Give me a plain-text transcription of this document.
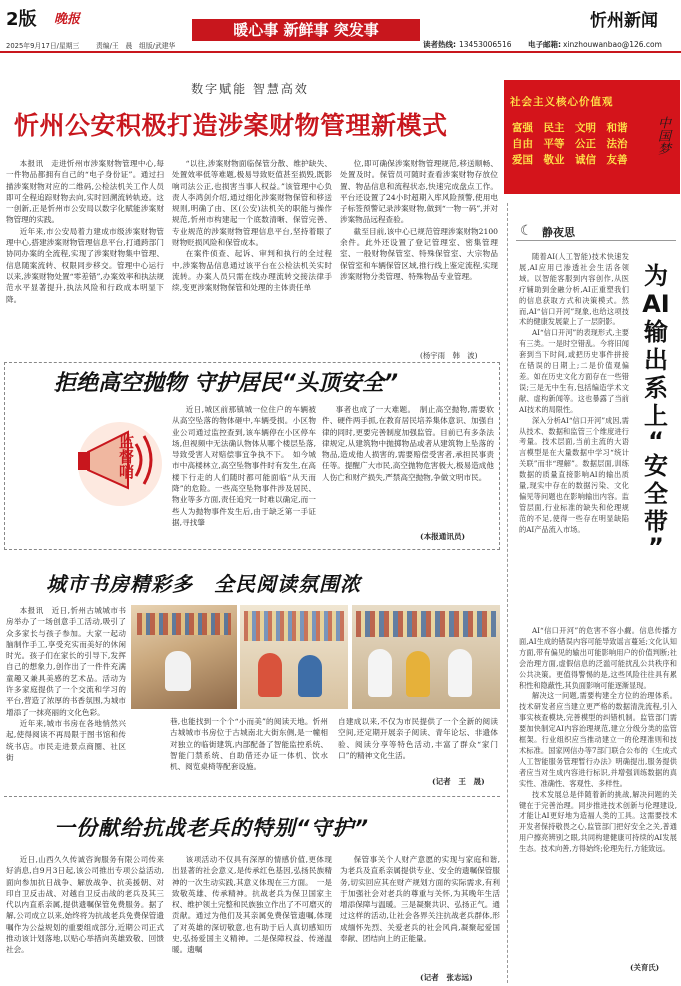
2版 晚报
暖心事 新鲜事 突发事	忻州新闻
2025年9月17日/星期三 责编/王　晨　组版/武建华	读者热线: 13453006516 电子邮箱: xinzhouwanbao@126.com
数字赋能 智慧高效
忻州公安积极打造涉案财物管理新模式

本报讯　走进忻州市涉案财物管理中心,每一件物品都拥有自己的“电子身份证”。通过扫描涉案财物对应的二维码,公检法机关工作人员即可全程追踪财物去向,实时回溯流转轨迹。这一创新,正是忻州市公安局以数字化赋能涉案财物管理的实践。

近年来,市公安局着力建成市级涉案财物管理中心,搭建涉案财物管理信息平台,打通跨部门协同办案的全流程,实现了涉案财物集中管理、信息随案流转、权限同步移交。管理中心运行以来,涉案财物处置“零差错”,办案效率和执法规范水平显著提升,执法风险和行政成本明显下降。

“以往,涉案财物面临保管分散、维护缺失、处置效率低等难题,极易导致贬值甚至损毁,既影响司法公正,也损害当事人权益。”该管理中心负责人李鸿剑介绍,通过细化涉案财物保管和移送规则,明确了由、区(公安)法机关的职能与操作规范,忻州市构建起一个底数清晰、保管完善、专业规范的涉案财物管理信息平台,坚持着眼了财物贬损风险和保管成本。

在案件侦查、起诉、审判和执行的全过程中,涉案物品信息通过该平台在公检法机关实时流转。办案人员只需在线办理流转交接法律手续,变更涉案财物保管和处理的主体责任单

位,即可确保涉案财物管理规范,移送顺畅、处置及时。保管员可随时查看涉案财物存放位置、物品信息和流程状态,快速完成盘点工作。平台还设置了24小时超期入库风险预警,使用电子标签预警记录涉案财物,做到“一物一码”,并对涉案物品远程查验。

截至目前,该中心已规范管理涉案财物2100余件。此外还设置了登记管理室、密集管理室、一般财物保管室、特殊保管室、大宗物品保管室和车辆保管区域,推行线上鉴定流程,实现涉案财物分类管理、特殊物品专业管理。

(杨宇雨　韩　波)
社会主义核心价值观
富强　民主　文明　和谐
自由　平等　公正　法治
爱国　敬业　诚信　友善
中国梦
☾ 静夜思

随着AI(人工智能)技术快速发展,AI应用已渗透社会生活各领域。以智能客服到内容创作,从医疗辅助到金融分析,AI正重塑我们的信息获取方式和决策模式。然而,AI“信口开河”现象,也给这项技术的健康发展蒙上了一层阴影。

AI“信口开河”的表现形式,主要有三类。一是时空错乱。今将旧闻套到当下时间,或把历史事件拼接在错误的日期上;二是价值观偏差。如在历史文化方面存在一些错误;三是无中生有,包括编造学术文献、虚构新闻等。这也暴露了当前AI技术的局限性。

深入分析AI“信口开河”成因,需从技术、数据和监管三个维度进行考量。技术层面,当前主流的大语言模型是在大量数据中学习“统计关联”而非“理解”。数据层面,训练数据的质量直接影响AI的输出质量,现实中存在的数据污染、文化偏见等问题也在影响输出内容。监管层面,行业标准的缺失和伦理规范的不足,使得一些存在明显缺陷的AI产品流入市场。

AI“信口开河”的危害不容小觑。信息传播方面,AI生成的错误内容可能导致谣言蔓延;文化认知方面,带有偏见的输出可能影响用户的价值判断;社会治理方面,虚假信息的泛滥可能扰乱公共秩序和公共决策。更值得警惕的是,这些风险往往具有累积性和隐蔽性,其负面影响可能逐渐显现。

解决这一问题,需要构建全方位的治理体系。技术研发者应当建立更严格的数据清洗流程,引入事实核查模块,完善模型的纠错机制。监管部门需要加快制定AI内容治理规范,建立分级分类的监管框架。行业组织应当推动建立一的伦理准则和技术标准。国家网信办等7部门联合公布的《生成式人工智能服务管理暂行办法》明确提出,服务提供者应当对生成内容进行标识,并增强训练数据的真实性、准确性、客观性、多样性。

技术发展总是伴随着新的挑战,解决问题的关键在于完善治理。同步推进技术创新与伦理建设,才能让AI更好地为造福人类的工具。这需要技术开发者保持敬畏之心,监管部门把好安全之关,普通用户擦亮辨别之眼,共同构建健康可持续的AI发展生态。技术向善,方得始终;伦理先行,方能致远。

为
AI
输
出
系
上
“
安
全
带
”
(关育氏)
拒绝高空抛物 守护居民“头顶安全”
监督哨
近日,城区前那镇城一位住户的车辆被从高空坠落的物体砸中,车辆受损。小区物业公司通过监控查到,该车辆停在小区停车场,但视频中无法确认物体从哪个楼层坠落,导致受害人对赔偿事宜争执不下。　如今城市中高楼林立,高空坠物事件时有发生,在高楼下行走的人们随时都可能面临“从天而降”的危险。一些高空坠物事件涉及居民、物业等多方面,责任追究一时难以确定,而一些人为抛物事件发生后,由于缺乏第一手证据,寻找肇
事者也成了一大难题。　制止高空抛物,需要软件、硬件两手抓,在教育居民培养集体意识、加强自律的同时,更要完善制度加强监管。目前已有多条法律规定,从建筑物中抛掷物品或者从建筑物上坠落的物品,造成他人损害的,需要赔偿受害者,承担民事责任等。提醒广大市民,高空抛物危害极大,极易造成他人伤亡和财产损失,严禁高空抛物,争做文明市民。
(本报通讯员)
城市书房精彩多　全民阅读氛围浓

本报讯　近日,忻州古城城市书房举办了一场创意手工活动,吸引了众多家长与孩子参加。大家一起动脑制作手工,享受充实而美好的休闲时光。孩子们在家长的引导下,发挥自己的想象力,创作出了一件件充满童趣又兼具美感的艺术品。活动为许多家庭提供了一个交流和学习的平台,营造了浓厚的书香氛围,为城市增添了一抹亮丽的文化色彩。

近年来,城市书房在各地悄然兴起,使得阅读不再局限于图书馆和传统书店。市民走进景点商圈、社区街

巷,也能找到一个个“小而美”的阅读天地。忻州古城城市书房位于古城南北大街东侧,是一幢相对独立的临街建筑,内部配备了智能监控系统、智能门禁系统、自助借还办证一体机、饮水机、阅览桌椅等配套设施。
自建成以来,不仅为市民提供了一个全新的阅读空间,还定期开展亲子阅读、青年论坛、非遗体验、阅读分享等特色活动,丰富了群众“家门口”的精神文化生活。
(记者　王　晟)
一份献给抗战老兵的特别“守护”
近日,山西久久传诚咨询服务有限公司传来好消息,自9月3日起,该公司推出专项公益活动,面向参加抗日战争、解放战争、抗美援朝、对印自卫反击战、对越自卫反击战的老兵及其三代以内直系亲属,提供遗嘱保管免费服务。据了解,公司成立以来,始终将为抗战老兵免费保管遗嘱作为公益规划的重要组成部分,近期公司正式推动该计划落地,以贴心举措向英雄致敬、回馈社会。
该项活动不仅具有深厚的情感价值,更体现出显著的社会意义,是传承红色基因,弘扬民族精神的一次生动实践,其意义体现在三方面。　一是致敬英雄、传承精神。抗战老兵为保卫国家主权、维护领土完整和民族独立作出了不可磨灭的贡献。通过为他们及其亲属免费保管遗嘱,体现了对英雄的深切敬意,也有助于后人真切感知历史,弘扬爱国主义精神。二是保障权益、传递温暖。遗嘱
保管事关个人财产意愿的实现与家庭和谐,为老兵及直系亲属提供专业、安全的遗嘱保管服务,切实回应其在财产规划方面的实际需求,有利于加强社会对老兵的尊重与关怀,为其晚年生活增添保障与温暖。三是凝聚共识、弘扬正气。通过这样的活动,让社会各界关注抗战老兵群体,形成缅怀先烈、关爱老兵的社会风尚,凝聚起爱国奉献、团结向上的正能量。
(记者　张志远)
